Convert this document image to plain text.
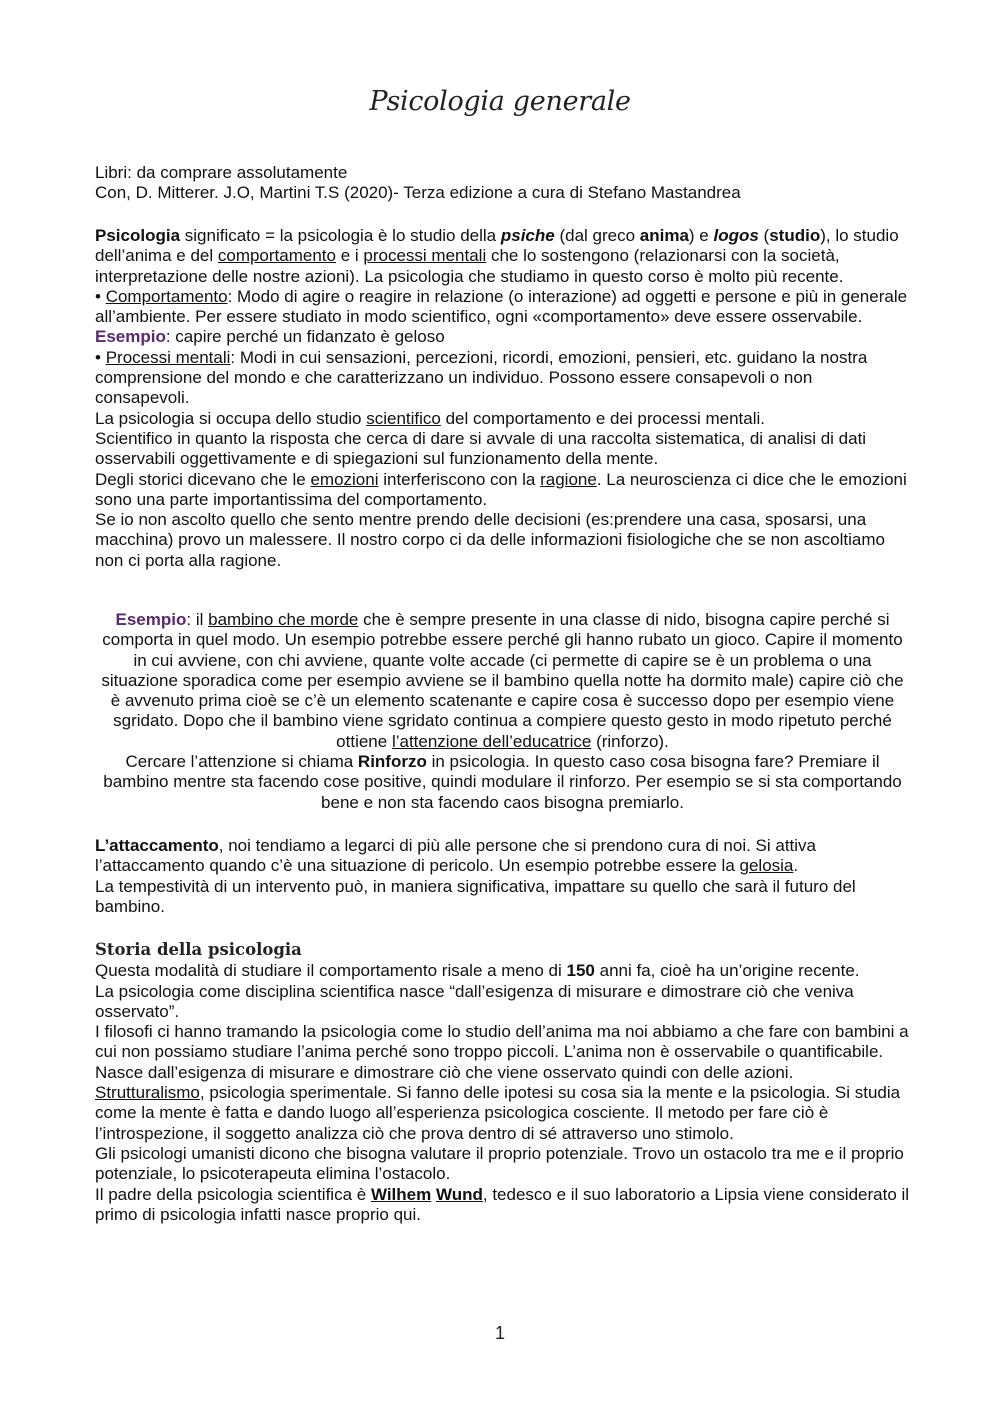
Psicologia generale

Libri: da comprare assolutamente

Con, D. Mitterer. J.O, Martini T.S (2020)- Terza edizione a cura di Stefano Mastandrea

Psicologia significato = la psicologia è lo studio della psiche (dal greco anima) e logos (studio), lo studio dell’anima e del comportamento e i processi mentali che lo sostengono (relazionarsi con la società, interpretazione delle nostre azioni). La psicologia che studiamo in questo corso è molto più recente.

• Comportamento: Modo di agire o reagire in relazione (o interazione) ad oggetti e persone e più in generale all’ambiente. Per essere studiato in modo scientifico, ogni «comportamento» deve essere osservabile. Esempio: capire perché un fidanzato è geloso

• Processi mentali: Modi in cui sensazioni, percezioni, ricordi, emozioni, pensieri, etc. guidano la nostra comprensione del mondo e che caratterizzano un individuo. Possono essere consapevoli o non consapevoli.

La psicologia si occupa dello studio scientifico del comportamento e dei processi mentali.

Scientifico in quanto la risposta che cerca di dare si avvale di una raccolta sistematica, di analisi di dati osservabili oggettivamente e di spiegazioni sul funzionamento della mente.

Degli storici dicevano che le emozioni interferiscono con la ragione. La neuroscienza ci dice che le emozioni sono una parte importantissima del comportamento.

Se io non ascolto quello che sento mentre prendo delle decisioni (es:prendere una casa, sposarsi, una macchina) provo un malessere. Il nostro corpo ci da delle informazioni fisiologiche che se non ascoltiamo non ci porta alla ragione.

Esempio: il bambino che morde che è sempre presente in una classe di nido, bisogna capire perché si comporta in quel modo. Un esempio potrebbe essere perché gli hanno rubato un gioco. Capire il momento in cui avviene, con chi avviene, quante volte accade (ci permette di capire se è un problema o una situazione sporadica come per esempio avviene se il bambino quella notte ha dormito male) capire ciò che è avvenuto prima cioè se c’è un elemento scatenante e capire cosa è successo dopo per esempio viene sgridato. Dopo che il bambino viene sgridato continua a compiere questo gesto in modo ripetuto perché ottiene l’attenzione dell’educatrice (rinforzo).

Cercare l’attenzione si chiama Rinforzo in psicologia. In questo caso cosa bisogna fare? Premiare il bambino mentre sta facendo cose positive, quindi modulare il rinforzo. Per esempio se si sta comportando bene e non sta facendo caos bisogna premiarlo.

L’attaccamento, noi tendiamo a legarci di più alle persone che si prendono cura di noi. Si attiva l’attaccamento quando c’è una situazione di pericolo. Un esempio potrebbe essere la gelosia.

La tempestività di un intervento può, in maniera significativa, impattare su quello che sarà il futuro del bambino.

Storia della psicologia

Questa modalità di studiare il comportamento risale a meno di 150 anni fa, cioè ha un’origine recente.

La psicologia come disciplina scientifica nasce “dall’esigenza di misurare e dimostrare ciò che veniva osservato”.

I filosofi ci hanno tramando la psicologia come lo studio dell’anima ma noi abbiamo a che fare con bambini a cui non possiamo studiare l’anima perché sono troppo piccoli. L’anima non è osservabile o quantificabile. Nasce dall’esigenza di misurare e dimostrare ciò che viene osservato quindi con delle azioni.

Strutturalismo, psicologia sperimentale. Si fanno delle ipotesi su cosa sia la mente e la psicologia. Si studia come la mente è fatta e dando luogo all’esperienza psicologica cosciente. Il metodo per fare ciò è l’introspezione, il soggetto analizza ciò che prova dentro di sé attraverso uno stimolo.

Gli psicologi umanisti dicono che bisogna valutare il proprio potenziale. Trovo un ostacolo tra me e il proprio potenziale, lo psicoterapeuta elimina l’ostacolo.

Il padre della psicologia scientifica è Wilhem Wund, tedesco e il suo laboratorio a Lipsia viene considerato il primo di psicologia infatti nasce proprio qui.

1
